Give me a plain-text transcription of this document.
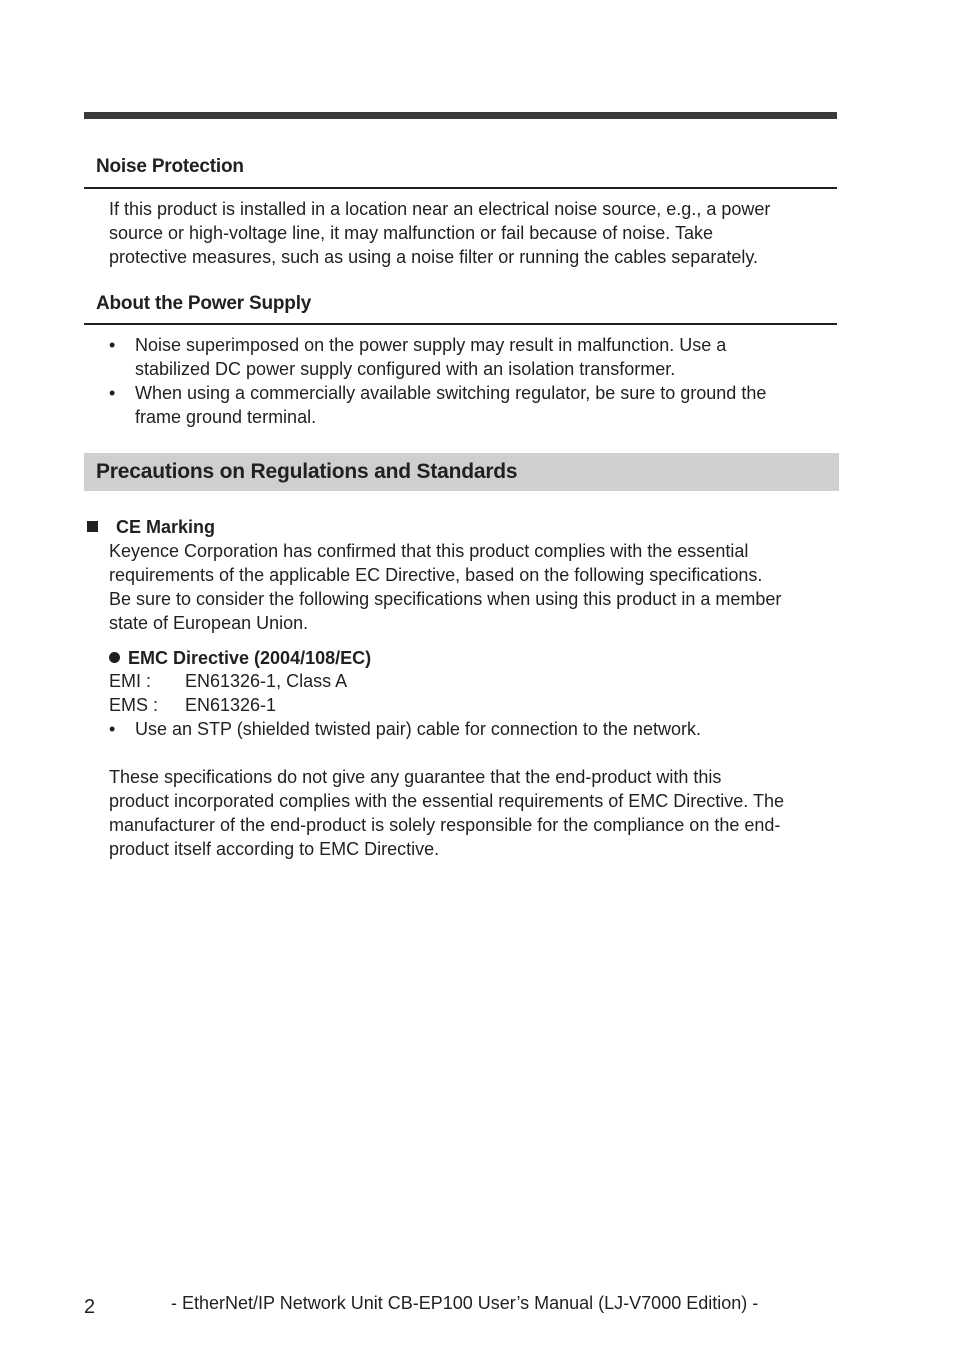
Noise Protection

If this product is installed in a location near an electrical noise source, e.g., a power
source or high-voltage line, it may malfunction or fail because of noise. Take
protective measures, such as using a noise filter or running the cables separately.

About the Power Supply
• Noise superimposed on the power supply may result in malfunction. Use a
stabilized DC power supply configured with an isolation transformer.
• When using a commercially available switching regulator, be sure to ground the
frame ground terminal.
Precautions on Regulations and Standards
CE Marking

Keyence Corporation has confirmed that this product complies with the essential
requirements of the applicable EC Directive, based on the following specifications.
Be sure to consider the following specifications when using this product in a member
state of European Union.

EMC Directive (2004/108/EC)
EMI : EN61326-1, Class A
EMS : EN61326-1
• Use an STP (shielded twisted pair) cable for connection to the network.

These specifications do not give any guarantee that the end-product with this
product incorporated complies with the essential requirements of EMC Directive. The
manufacturer of the end-product is solely responsible for the compliance on the end-
product itself according to EMC Directive.

2	- EtherNet/IP Network Unit CB-EP100 User’s Manual (LJ-V7000 Edition) -
